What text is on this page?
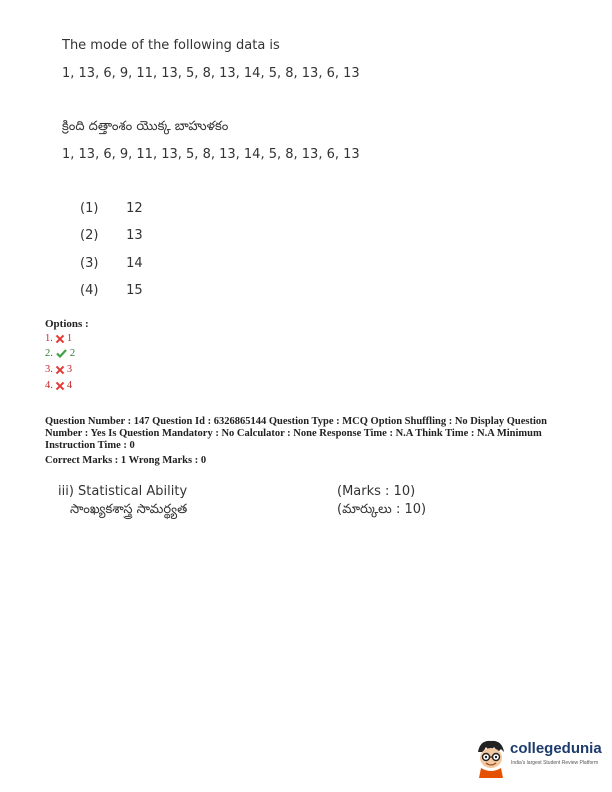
The mode of the following data is
1, 13, 6, 9, 11, 13, 5, 8, 13, 14, 5, 8, 13, 6, 13
క్రింది దత్తాంశం యొక్క బాహుళకం
1, 13, 6, 9, 11, 13, 5, 8, 13, 14, 5, 8, 13, 6, 13
(1) 12
(2) 13
(3) 14
(4) 15
Options :
1. 1
2. 2
3. 3
4. 4
Question Number : 147 Question Id : 6326865144 Question Type : MCQ Option Shuffling : No Display Question Number : Yes Is Question Mandatory : No Calculator : None Response Time : N.A Think Time : N.A Minimum Instruction Time : 0
Correct Marks : 1 Wrong Marks : 0
iii) Statistical Ability
సాంఖ్యకశాస్త్ర సామర్థ్యత
(Marks : 10)
(మార్కులు : 10)
collegedunia
India's largest Student Review Platform
